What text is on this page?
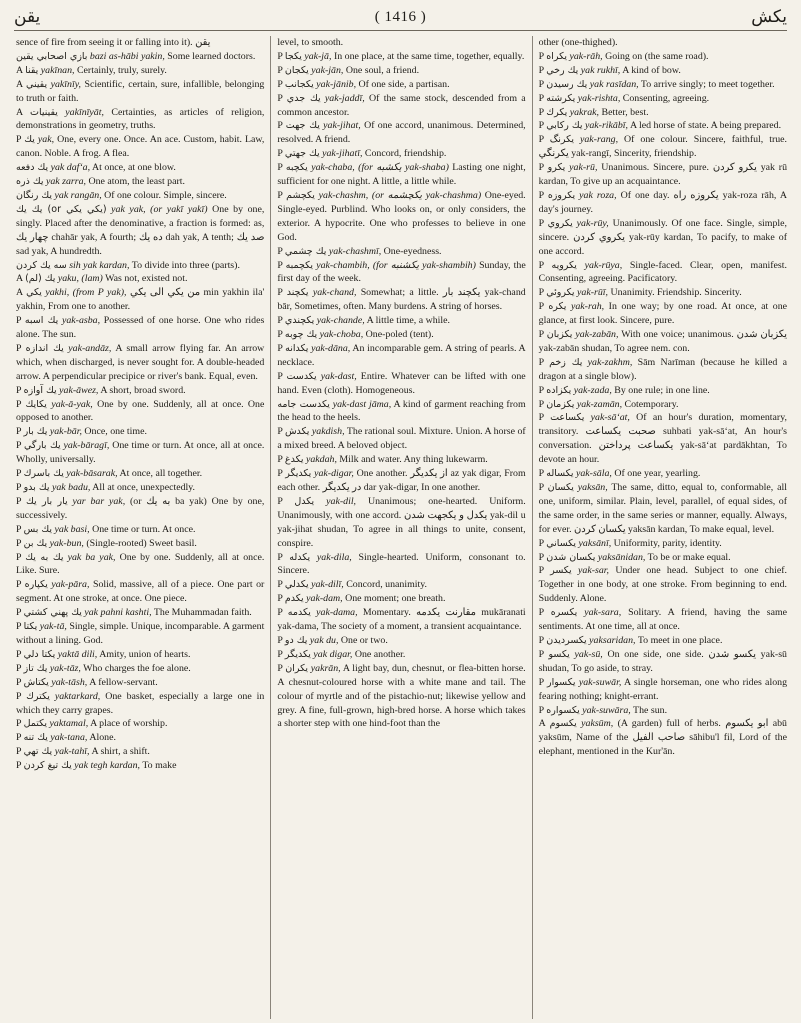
ﻳﻘﻦ	( 1416 )	ﻳﻜﺶ

sence of fire from seeing it or falling into it). ﻳﻘﻦ

بازي اصحابي يقين bazi as-hābi yakin, Some learned doctors.

A يقنا yakīnan, Certainly, truly, surely.

A يقيني yakīnīy, Scientific, certain, sure, infallible, belonging to truth or faith.

A يقينيات yakīnīyāt, Certainties, as articles of religion, demonstrations in geometry, truths.

P يك yak, One, every one. Once. An ace. Custom, habit. Law, canon. Noble. A frog. A flea.

يك دفعه yak dafʻa, At once, at one blow.

يك ذره yak zarra, One atom, the least part.

يك رنگان yak rangān, Of one colour. Simple, sincere.

يك يك (or يكي يكي) yak yak, (or yakī yakī) One by one, singly. Placed after the denominative, a fraction is formed: as, چهار يك chahār yak, A fourth; ده يك dah yak, A tenth; صد يك sad yak, A hundredth.

سه يك كردن sih yak kardan, To divide into three (parts).

A يك (لم) yaku, (lam) Was not, existed not.

A يكي yakhi, (from P yak), من يكي الى يكي min yakhin ila' yakhin, From one to another.

P يك اسبه yak-asba, Possessed of one horse. One who rides alone. The sun.

P يك اندازه yak-andāz, A small arrow flying far. An arrow which, when discharged, is never sought for. A double-headed arrow. A perpendicular precipice or river's bank. Equal, even.

P يك آوازه yak-āwez, A short, broad sword.

P يكايك yak-ā-yak, One by one. Suddenly, all at once. One opposed to another.

P يك بار yak-bār, Once, one time.

P يك بارگي yak-bāragī, One time or turn. At once, all at once. Wholly, universally.

P يك باسرك yak-bāsarak, At once, all together.

P يك بدو yak badu, All at once, unexpectedly.

P يار بار يك yar bar yak, (or به يك ba yak) One by one, successively.

P يك بس yak basi, One time or turn. At once.

P يك بن yak-bun, (Single-rooted) Sweet basil.

P يك به يك yak ba yak, One by one. Suddenly, all at once. Like. Sure.

P يكپاره yak-pāra, Solid, massive, all of a piece. One part or segment. At one stroke, at once. One piece.

P يك پهني كشتي yak pahni kashti, The Muhammadan faith.

P يكتا yak-tā, Single, simple. Unique, incomparable. A garment without a lining. God.

P يكتا دلي yaktā dili, Amity, union of hearts.

P يك تاز yak-tāz, Who charges the foe alone.

P يكتاش yak-tāsh, A fellow-servant.

P يكترك yaktarkard, One basket, especially a large one in which they carry grapes.

P يكتمل yaktamal, A place of worship.

P يك تنه yak-tana, Alone.

P يك تهي yak-tahī, A shirt, a shift.

P يك تيغ كردن yak tegh kardan, To make

level, to smooth.

P يكجا yak-jā, In one place, at the same time, together, equally.

P يكجان yak-jān, One soul, a friend.

P يكجانب yak-jānib, Of one side, a partisan.

P يك جدي yak-jaddī, Of the same stock, descended from a common ancestor.

P يك جهت yak-jihat, Of one accord, unanimous. Determined, resolved. A friend.

P يك جهتي yak-jihatī, Concord, friendship.

P يكچبه yak-chaba, (for يكشبه yak-shaba) Lasting one night, sufficient for one night. A little, a little while.

P يكچشم yak-chashm, (or يكچشمه yak-chashma) One-eyed. Single-eyed. Purblind. Who looks on, or only considers, the exterior. A hypocrite. One who professes to believe in one God.

P يك چشمي yak-chashmī, One-eyedness.

P يكچمبه yak-chambih, (for يكشنبه yak-shambih) Sunday, the first day of the week.

P يكچند yak-chand, Somewhat; a little. يكچند بار yak-chand bār, Sometimes, often. Many burdens. A string of horses.

P يكچندي yak-chande, A little time, a while.

P يك چوبه yak-choba, One-poled (tent).

P يكدانه yak-dāna, An incomparable gem. A string of pearls. A necklace.

P يكدست yak-dast, Entire. Whatever can be lifted with one hand. Even (cloth). Homogeneous.

يكدست جامه yak-dast jāma, A kind of garment reaching from the head to the heels.

P يكدش yakdish, The rational soul. Mixture. Union. A horse of a mixed breed. A beloved object.

P يكدغ yakdah, Milk and water. Any thing lukewarm.

P يكديگر yak-digar, One another. از يكديگر az yak digar, From each other. در يكديگر dar yak-digar, In one another.

P يكدل yak-dil, Unanimous; one-hearted. Uniform. Unanimously, with one accord. يكدل و يكجهت شدن yak-dil u yak-jihat shudan, To agree in all things to unite, consent, conspire.

P يكدله yak-dila, Single-hearted. Uniform, consonant to. Sincere.

P يكدلي yak-dilī, Concord, unanimity.

P يكدم yak-dam, One moment; one breath.

P يكدمه yak-dama, Momentary. مقارنت يكدمه mukāranati yak-dama, The society of a moment, a transient acquaintance.

P يك دو yak du, One or two.

P يكديگر yak digar, One another.

P يكران yakrān, A light bay, dun, chesnut, or flea-bitten horse. A chesnut-coloured horse with a white mane and tail. The colour of myrtle and of the pistachio-nut; likewise yellow and grey. A fine, full-grown, high-bred horse. A horse which takes a shorter step with one hind-foot than the

other (one-thighed).

P يكراه yak-rāh, Going on (the same road).

P يك رخي yak rukhī, A kind of bow.

P يك رسيدن yak rasīdan, To arrive singly; to meet together.

P يكرشته yak-rishta, Consenting, agreeing.

P يكرك yakrak, Better, best.

P يك ركابي yak-rikābī, A led horse of state. A being prepared.

P يكرنگ yak-rang, Of one colour. Sincere, faithful, true. يكرنگي yak-rangī, Sincerity, friendship.

P يكرو yak-rū, Unanimous. Sincere, pure. يكرو كردن yak rū kardan, To give up an acquaintance.

P يكروزه yak roza, Of one day. يكروزه راه yak-roza rāh, A day's journey.

P يكروي yak-rūy, Unanimously. Of one face. Single, simple, sincere. يكروي كردن yak-rūy kardan, To pacify, to make of one accord.

P يكرويه yak-rūya, Single-faced. Clear, open, manifest. Consenting, agreeing. Pacificatory.

P يكروئي yak-rūī, Unanimity. Friendship. Sincerity.

P يكره yak-rah, In one way; by one road. At once, at one glance, at first look. Sincere, pure.

P يكزبان yak-zabān, With one voice; unanimous. يكزبان شدن yak-zabān shudan, To agree nem. con.

P يك زخم yak-zakhm, Sām Narīman (because he killed a dragon at a single blow).

P يكزاده yak-zada, By one rule; in one line.

P يكزمان yak-zamān, Cotemporary.

P يكساعت yak-sāʻat, Of an hour's duration, momentary, transitory. صحبت يكساعت suhbati yak-sāʻat, An hour's conversation. يكساعت پرداختن yak-sāʻat pardākhtan, To devote an hour.

P يكساله yak-sāla, Of one year, yearling.

P يكسان yaksān, The same, ditto, equal to, conformable, all one, uniform, similar. Plain, level, parallel, of equal sides, of the same order, in the same series or manner, equally. Always, for ever. يكسان كردن yaksān kardan, To make equal, level.

P يكساني yaksānī, Uniformity, parity, identity.

P يكسان شدن yaksānidan, To be or make equal.

P يكسر yak-sar, Under one head. Subject to one chief. Together in one body, at one stroke. From beginning to end. Suddenly. Alone.

P يكسره yak-sara, Solitary. A friend, having the same sentiments. At one time, all at once.

P يكسرديدن yaksaridan, To meet in one place.

P يكسو yak-sū, On one side, one side. يكسو شدن yak-sū shudan, To go aside, to stray.

P يكسوار yak-suwār, A single horseman, one who rides along fearing nothing; knight-errant.

P يكسواره yak-suwāra, The sun.

A يكسوم yaksūm, (A garden) full of herbs. ابو يكسوم abū yaksūm, Name of the صاحب الفيل sāhibu'l fil, Lord of the elephant, mentioned in the Kur'ān.
